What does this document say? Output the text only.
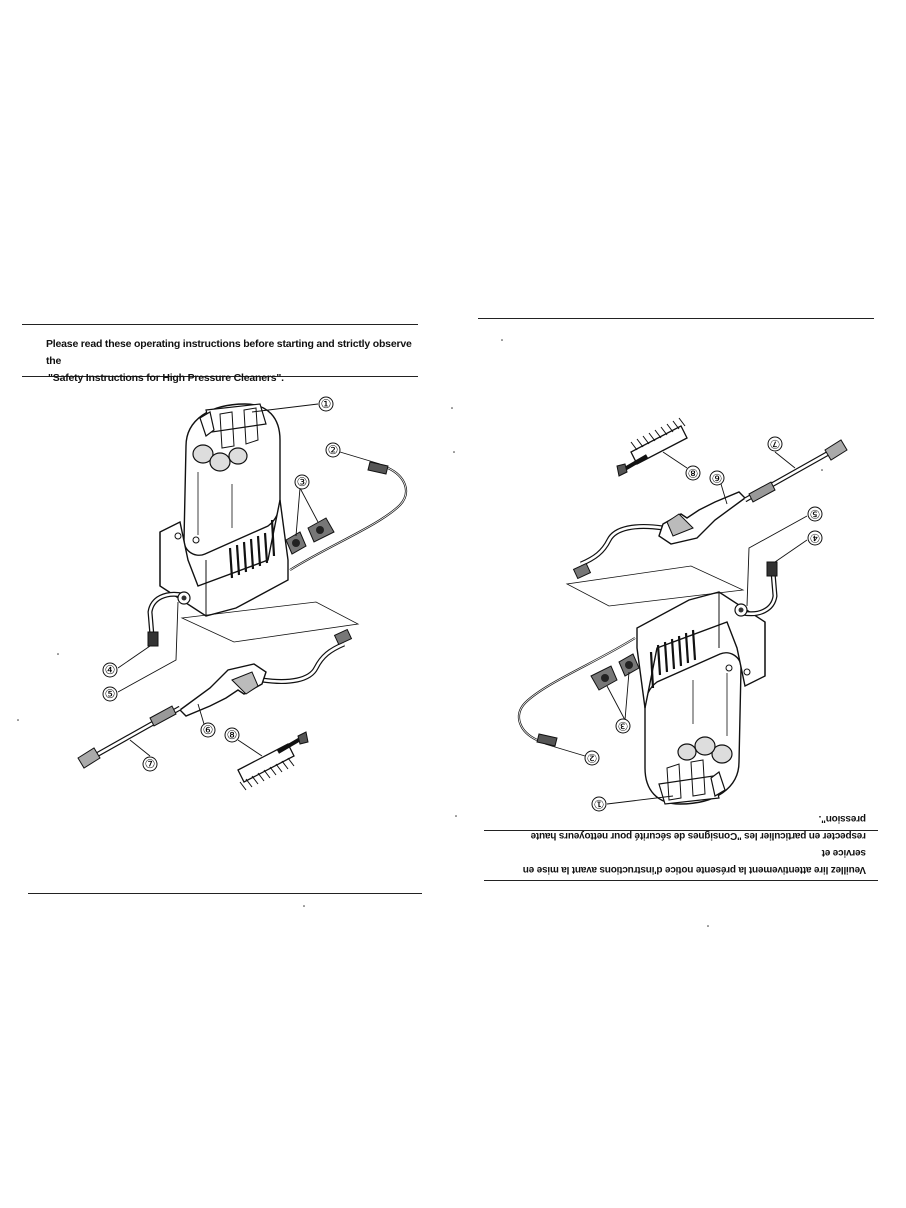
Please read these operating instructions before starting and strictly observe the
"Safety Instructions for High Pressure Cleaners".
Veuillez lire attentivement la présente notice d'instructions avant la mise en service et
respecter en particulier les "Consignes de sécurité pour nettoyeurs haute pression".
①
②
③
④
⑤
⑥
⑦
⑧
①
②
③
④
⑤
⑥
⑦
⑧
